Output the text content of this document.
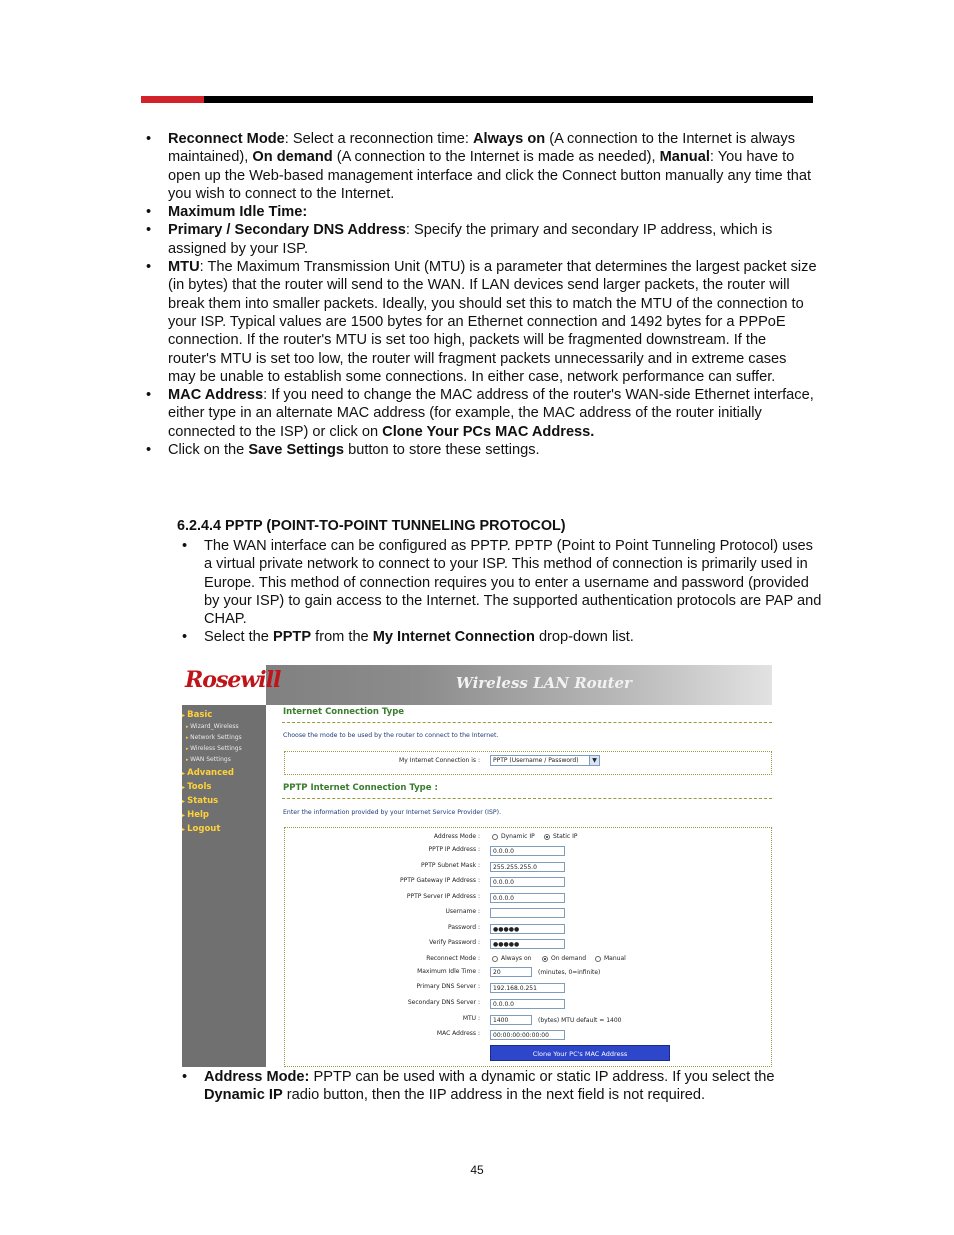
• Reconnect Mode: Select a reconnection time: Always on (A connection to the Internet is always maintained), On demand (A connection to the Internet is made as needed), Manual: You have to open up the Web-based management interface and click the Connect button manually any time that you wish to connect to the Internet.
• Maximum Idle Time:
• Primary / Secondary DNS Address: Specify the primary and secondary IP address, which is assigned by your ISP.
• MTU: The Maximum Transmission Unit (MTU) is a parameter that determines the largest packet size (in bytes) that the router will send to the WAN. If LAN devices send larger packets, the router will break them into smaller packets. Ideally, you should set this to match the MTU of the connection to your ISP. Typical values are 1500 bytes for an Ethernet connection and 1492 bytes for a PPPoE connection. If the router's MTU is set too high, packets will be fragmented downstream. If the router's MTU is set too low, the router will fragment packets unnecessarily and in extreme cases may be unable to establish some connections. In either case, network performance can suffer.
• MAC Address: If you need to change the MAC address of the router's WAN-side Ethernet interface, either type in an alternate MAC address (for example, the MAC address of the router initially connected to the ISP) or click on Clone Your PCs MAC Address.
• Click on the Save Settings button to store these settings.
6.2.4.4 PPTP (POINT-TO-POINT TUNNELING PROTOCOL)
• The WAN interface can be configured as PPTP. PPTP (Point to Point Tunneling Protocol) uses a virtual private network to connect to your ISP. This method of connection is primarily used in Europe. This method of connection requires you to enter a username and password (provided by your ISP) to gain access to the Internet. The supported authentication protocols are PAP and CHAP.
• Select the PPTP from the My Internet Connection drop-down list.
Rosewill	Wireless LAN Router
▸ Basic
▸ Wizard_Wireless
▸ Network Settings
▸ Wireless Settings
▸ WAN Settings
▸ Advanced
▸ Tools
▸ Status
▸ Help
▸ Logout
Internet Connection Type
Choose the mode to be used by the router to connect to the Internet.
My Internet Connection is :	PPTP (Username / Password)	▼
PPTP Internet Connection Type :
Enter the information provided by your Internet Service Provider (ISP).
Address Mode :	Dynamic IP	Static IP
PPTP IP Address :	0.0.0.0
PPTP Subnet Mask :	255.255.255.0
PPTP Gateway IP Address :	0.0.0.0
PPTP Server IP Address :	0.0.0.0
Username :
Password :	●●●●●
Verify Password :	●●●●●
Reconnect Mode :	Always on	On demand	Manual
Maximum Idle Time :	20	(minutes, 0=infinite)
Primary DNS Server :	192.168.0.251
Secondary DNS Server :	0.0.0.0
MTU :	1400	(bytes) MTU default = 1400
MAC Address :	00:00:00:00:00:00
Clone Your PC's MAC Address
• Address Mode: PPTP can be used with a dynamic or static IP address. If you select the Dynamic IP radio button, then the IIP address in the next field is not required.
45
